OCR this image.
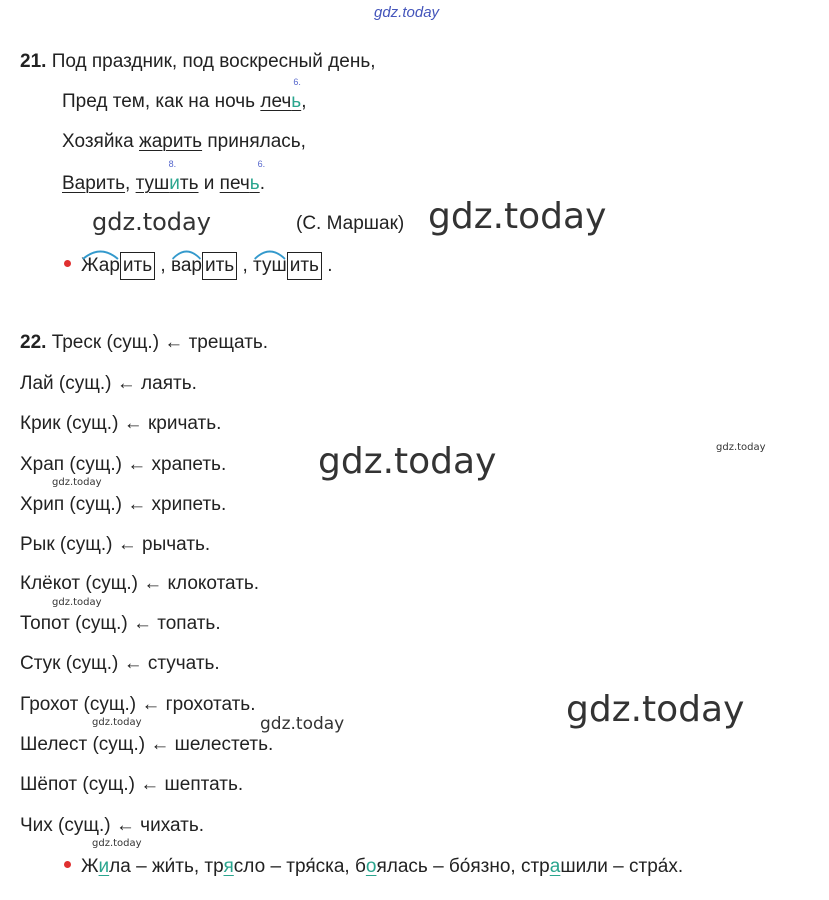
gdz.today
21. Под праздник, под воскресный день,
Пред тем, как на ночь лечь
6.
,
Хозяйка жарить принялась,
Варить, тушить
8.
и печь
6.
.
gdz.today	(С. Маршак) gdz.today
Жар ить ,
вар ить ,
туш ить .
22. Треск (сущ.) ← трещать.
Лай (сущ.) ← лаять.
Крик (сущ.) ← кричать.
Храп (сущ.) ← храпеть.
Хрип (сущ.) ← хрипеть.
Рык (сущ.) ← рычать.
Клёкот (сущ.) ← клокотать.
Топот (сущ.) ← топать.
Стук (сущ.) ← стучать.
Грохот (сущ.) ← грохотать.
Шелест (сущ.) ← шелестеть.
Шёпот (сущ.) ← шептать.
Чих (сущ.) ← чихать.
Жила – жи́ть, трясло – тря́ска, боялась – бо́язно, страшили – стра́х.
gdz.today	gdz.today
gdz.today
gdz.today
gdz.today
gdz.today	gdz.today
gdz.today
